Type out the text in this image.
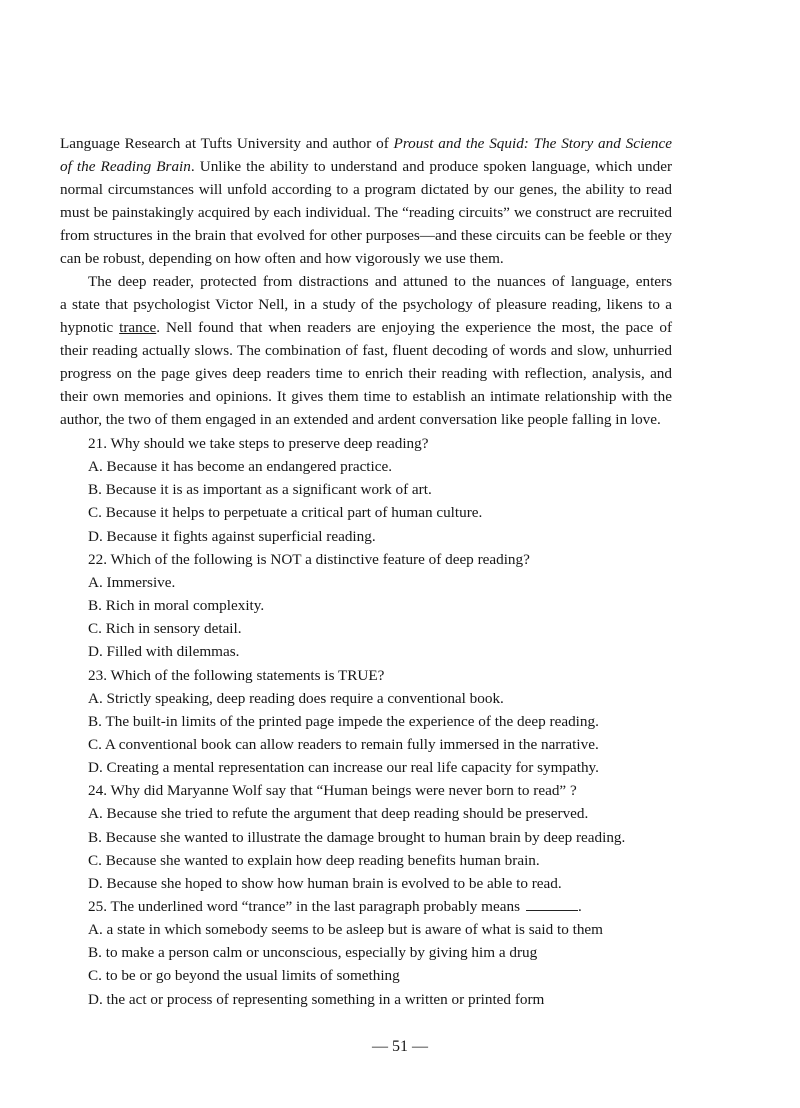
Language Research at Tufts University and author of Proust and the Squid: The Story and Science
of the Reading Brain. Unlike the ability to understand and produce spoken language, which under
normal circumstances will unfold according to a program dictated by our genes, the ability to read
must be painstakingly acquired by each individual. The “reading circuits” we construct are recruited
from structures in the brain that evolved for other purposes—and these circuits can be feeble or they
can be robust, depending on how often and how vigorously we use them.
The deep reader, protected from distractions and attuned to the nuances of language, enters
a state that psychologist Victor Nell, in a study of the psychology of pleasure reading, likens to a
hypnotic trance. Nell found that when readers are enjoying the experience the most, the pace of
their reading actually slows. The combination of fast, fluent decoding of words and slow, unhurried
progress on the page gives deep readers time to enrich their reading with reflection, analysis, and
their own memories and opinions. It gives them time to establish an intimate relationship with the
author, the two of them engaged in an extended and ardent conversation like people falling in love.
21. Why should we take steps to preserve deep reading?
A. Because it has become an endangered practice.
B. Because it is as important as a significant work of art.
C. Because it helps to perpetuate a critical part of human culture.
D. Because it fights against superficial reading.
22. Which of the following is NOT a distinctive feature of deep reading?
A. Immersive.
B. Rich in moral complexity.
C. Rich in sensory detail.
D. Filled with dilemmas.
23. Which of the following statements is TRUE?
A. Strictly speaking, deep reading does require a conventional book.
B. The built-in limits of the printed page impede the experience of the deep reading.
C. A conventional book can allow readers to remain fully immersed in the narrative.
D. Creating a mental representation can increase our real life capacity for sympathy.
24. Why did Maryanne Wolf say that “Human beings were never born to read” ?
A. Because she tried to refute the argument that deep reading should be preserved.
B. Because she wanted to illustrate the damage brought to human brain by deep reading.
C. Because she wanted to explain how deep reading benefits human brain.
D. Because she hoped to show how human brain is evolved to be able to read.
25. The underlined word “trance” in the last paragraph probably means	.
A. a state in which somebody seems to be asleep but is aware of what is said to them
B. to make a person calm or unconscious, especially by giving him a drug
C. to be or go beyond the usual limits of something
D. the act or process of representing something in a written or printed form
— 51 —
